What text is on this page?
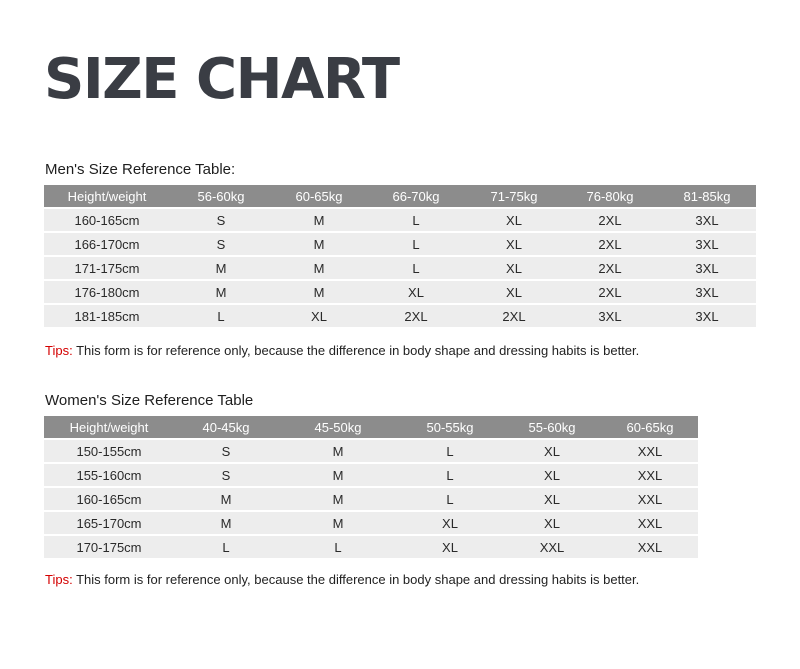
SIZE CHART

Men's Size Reference Table:

Height/weight	56-60kg	60-65kg	66-70kg	71-75kg	76-80kg	81-85kg
160-165cm	S	M	L	XL	2XL	3XL
166-170cm	S	M	L	XL	2XL	3XL
171-175cm	M	M	L	XL	2XL	3XL
176-180cm	M	M	XL	XL	2XL	3XL
181-185cm	L	XL	2XL	2XL	3XL	3XL

Tips: This form is for reference only, because the difference in body shape and dressing habits is better.

Women's Size Reference Table

Height/weight	40-45kg	45-50kg	50-55kg	55-60kg	60-65kg
150-155cm	S	M	L	XL	XXL
155-160cm	S	M	L	XL	XXL
160-165cm	M	M	L	XL	XXL
165-170cm	M	M	XL	XL	XXL
170-175cm	L	L	XL	XXL	XXL

Tips: This form is for reference only, because the difference in body shape and dressing habits is better.
